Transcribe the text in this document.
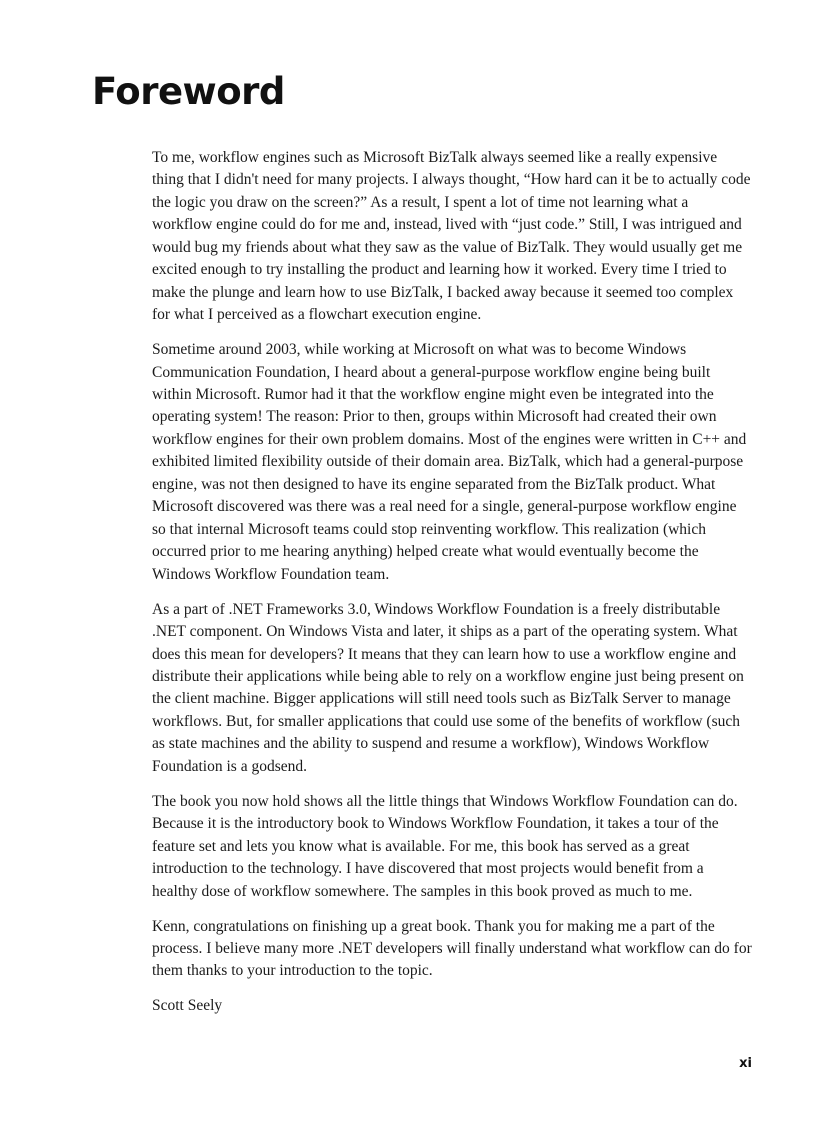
Foreword

To me, workflow engines such as Microsoft BizTalk always seemed like a really expensive thing that I didn't need for many projects. I always thought, “How hard can it be to actually code the logic you draw on the screen?” As a result, I spent a lot of time not learning what a workflow engine could do for me and, instead, lived with “just code.” Still, I was intrigued and would bug my friends about what they saw as the value of BizTalk. They would usually get me excited enough to try installing the product and learning how it worked. Every time I tried to make the plunge and learn how to use BizTalk, I backed away because it seemed too complex for what I perceived as a flowchart execution engine.

Sometime around 2003, while working at Microsoft on what was to become Windows Communication Foundation, I heard about a general-purpose workflow engine being built within Microsoft. Rumor had it that the workflow engine might even be integrated into the operating system! The reason: Prior to then, groups within Microsoft had created their own workflow engines for their own problem domains. Most of the engines were written in C++ and exhibited limited flexibility outside of their domain area. BizTalk, which had a general-purpose engine, was not then designed to have its engine separated from the BizTalk product. What Microsoft discovered was there was a real need for a single, general-purpose workflow engine so that internal Microsoft teams could stop reinventing workflow. This realization (which occurred prior to me hearing anything) helped create what would eventually become the Windows Workflow Foundation team.

As a part of .NET Frameworks 3.0, Windows Workflow Foundation is a freely distributable .NET component. On Windows Vista and later, it ships as a part of the operating system. What does this mean for developers? It means that they can learn how to use a workflow engine and distribute their applications while being able to rely on a workflow engine just being present on the client machine. Bigger applications will still need tools such as BizTalk Server to manage workflows. But, for smaller applications that could use some of the benefits of workflow (such as state machines and the ability to suspend and resume a workflow), Windows Workflow Foundation is a godsend.

The book you now hold shows all the little things that Windows Workflow Foundation can do. Because it is the introductory book to Windows Workflow Foundation, it takes a tour of the feature set and lets you know what is available. For me, this book has served as a great introduction to the technology. I have discovered that most projects would benefit from a healthy dose of workflow somewhere. The samples in this book proved as much to me.

Kenn, congratulations on finishing up a great book. Thank you for making me a part of the process. I believe many more .NET developers will finally understand what workflow can do for them thanks to your introduction to the topic.

Scott Seely

xi
